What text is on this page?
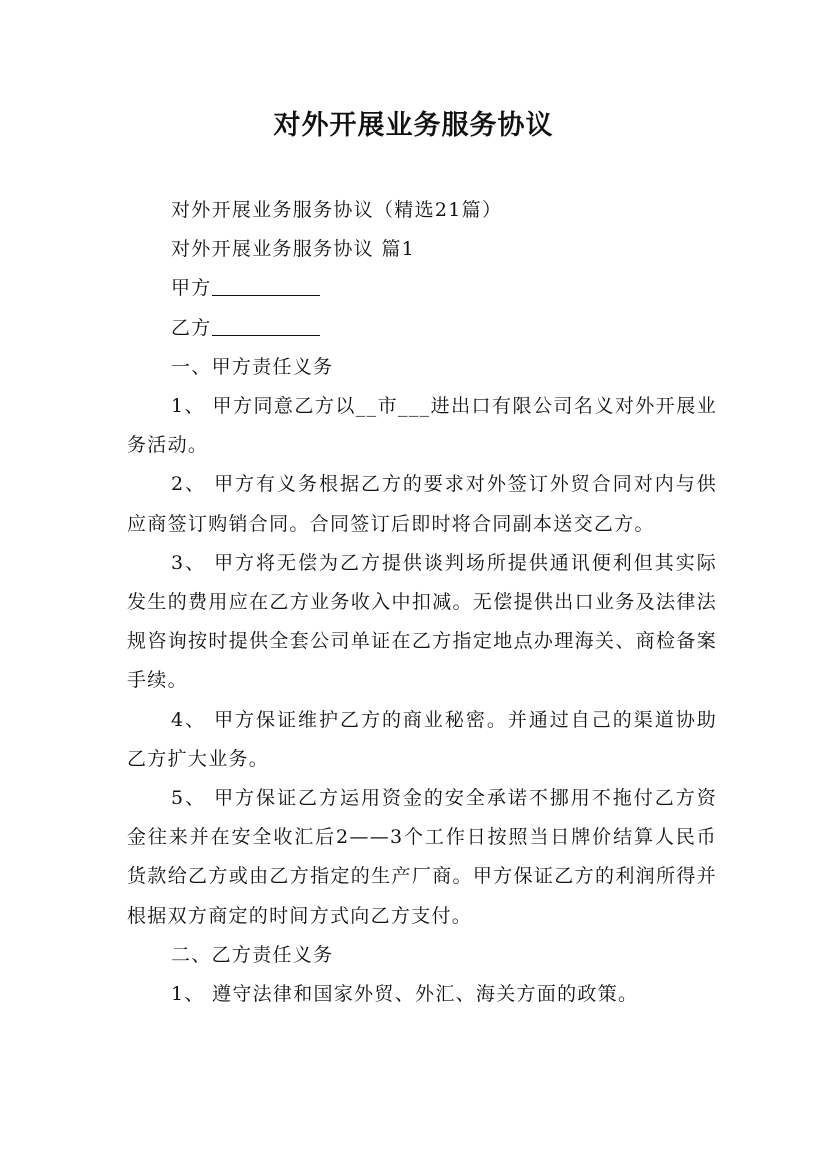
对外开展业务服务协议

对外开展业务服务协议（精选21篇）

对外开展业务服务协议 篇1

甲方

乙方

一、甲方责任义务

1、 甲方同意乙方以__市___进出口有限公司名义对外开展业务活动。

2、 甲方有义务根据乙方的要求对外签订外贸合同对内与供应商签订购销合同。合同签订后即时将合同副本送交乙方。

3、 甲方将无偿为乙方提供谈判场所提供通讯便利但其实际发生的费用应在乙方业务收入中扣减。无偿提供出口业务及法律法规咨询按时提供全套公司单证在乙方指定地点办理海关、商检备案手续。

4、 甲方保证维护乙方的商业秘密。并通过自己的渠道协助乙方扩大业务。

5、 甲方保证乙方运用资金的安全承诺不挪用不拖付乙方资金往来并在安全收汇后2——3个工作日按照当日牌价结算人民币货款给乙方或由乙方指定的生产厂商。甲方保证乙方的利润所得并根据双方商定的时间方式向乙方支付。

二、乙方责任义务

1、 遵守法律和国家外贸、外汇、海关方面的政策。
